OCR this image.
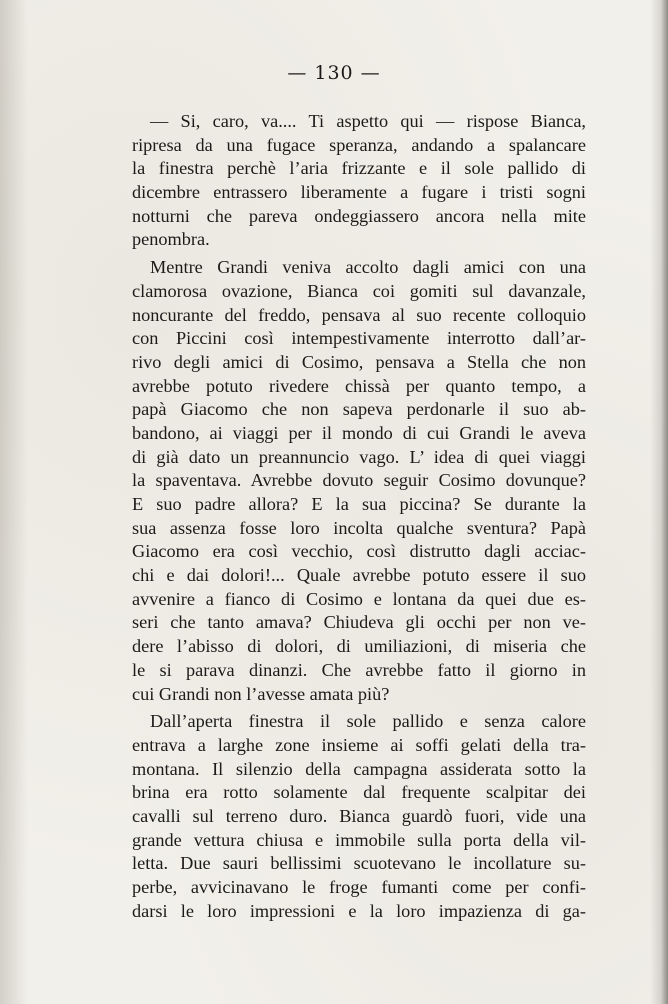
— 130 —
— Si, caro, va.... Ti aspetto qui — rispose Bianca,
ripresa da una fugace speranza, andando a spalancare
la finestra perchè l’aria frizzante e il sole pallido di
dicembre entrassero liberamente a fugare i tristi sogni
notturni che pareva ondeggiassero ancora nella mite
penombra.
Mentre Grandi veniva accolto dagli amici con una
clamorosa ovazione, Bianca coi gomiti sul davanzale,
noncurante del freddo, pensava al suo recente colloquio
con Piccini così intempestivamente interrotto dall’ar-
rivo degli amici di Cosimo, pensava a Stella che non
avrebbe potuto rivedere chissà per quanto tempo, a
papà Giacomo che non sapeva perdonarle il suo ab-
bandono, ai viaggi per il mondo di cui Grandi le aveva
di già dato un preannuncio vago. L’ idea di quei viaggi
la spaventava. Avrebbe dovuto seguir Cosimo dovunque?
E suo padre allora? E la sua piccina? Se durante la
sua assenza fosse loro incolta qualche sventura? Papà
Giacomo era così vecchio, così distrutto dagli acciac-
chi e dai dolori!... Quale avrebbe potuto essere il suo
avvenire a fianco di Cosimo e lontana da quei due es-
seri che tanto amava? Chiudeva gli occhi per non ve-
dere l’abisso di dolori, di umiliazioni, di miseria che
le si parava dinanzi. Che avrebbe fatto il giorno in
cui Grandi non l’avesse amata più?
Dall’aperta finestra il sole pallido e senza calore
entrava a larghe zone insieme ai soffi gelati della tra-
montana. Il silenzio della campagna assiderata sotto la
brina era rotto solamente dal frequente scalpitar dei
cavalli sul terreno duro. Bianca guardò fuori, vide una
grande vettura chiusa e immobile sulla porta della vil-
letta. Due sauri bellissimi scuotevano le incollature su-
perbe, avvicinavano le froge fumanti come per confi-
darsi le loro impressioni e la loro impazienza di ga-
